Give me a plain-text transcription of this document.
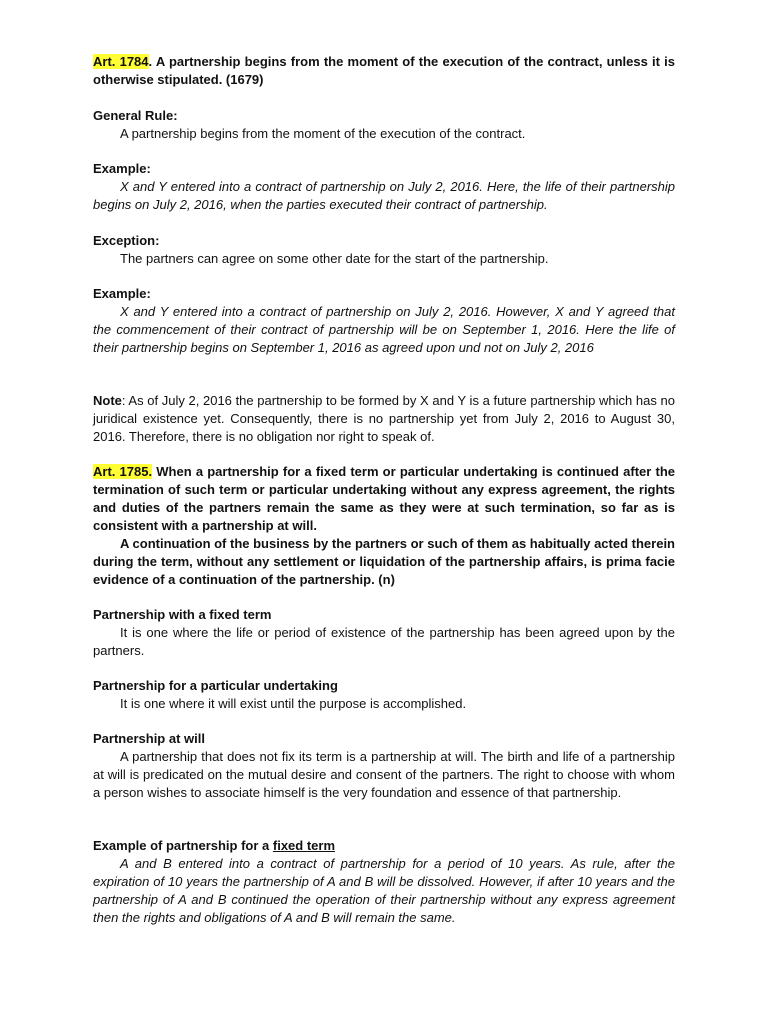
Art. 1784. A partnership begins from the moment of the execution of the contract, unless it is otherwise stipulated. (1679)
General Rule:
A partnership begins from the moment of the execution of the contract.
Example:
X and Y entered into a contract of partnership on July 2, 2016. Here, the life of their partnership begins on July 2, 2016, when the parties executed their contract of partnership.
Exception:
The partners can agree on some other date for the start of the partnership.
Example:
X and Y entered into a contract of partnership on July 2, 2016. However, X and Y agreed that the commencement of their contract of partnership will be on September 1, 2016. Here the life of their partnership begins on September 1, 2016 as agreed upon und not on July 2, 2016
Note: As of July 2, 2016 the partnership to be formed by X and Y is a future partnership which has no juridical existence yet. Consequently, there is no partnership yet from July 2, 2016 to August 30, 2016. Therefore, there is no obligation nor right to speak of.
Art. 1785. When a partnership for a fixed term or particular undertaking is continued after the termination of such term or particular undertaking without any express agreement, the rights and duties of the partners remain the same as they were at such termination, so far as is consistent with a partnership at will.
A continuation of the business by the partners or such of them as habitually acted therein during the term, without any settlement or liquidation of the partnership affairs, is prima facie evidence of a continuation of the partnership. (n)
Partnership with a fixed term
It is one where the life or period of existence of the partnership has been agreed upon by the partners.
Partnership for a particular undertaking
It is one where it will exist until the purpose is accomplished.
Partnership at will
A partnership that does not fix its term is a partnership at will. The birth and life of a partnership at will is predicated on the mutual desire and consent of the partners. The right to choose with whom a person wishes to associate himself is the very foundation and essence of that partnership.
Example of partnership for a fixed term
A and B entered into a contract of partnership for a period of 10 years. As rule, after the expiration of 10 years the partnership of A and B will be dissolved. However, if after 10 years and the partnership of A and B continued the operation of their partnership without any express agreement then the rights and obligations of A and B will remain the same.
